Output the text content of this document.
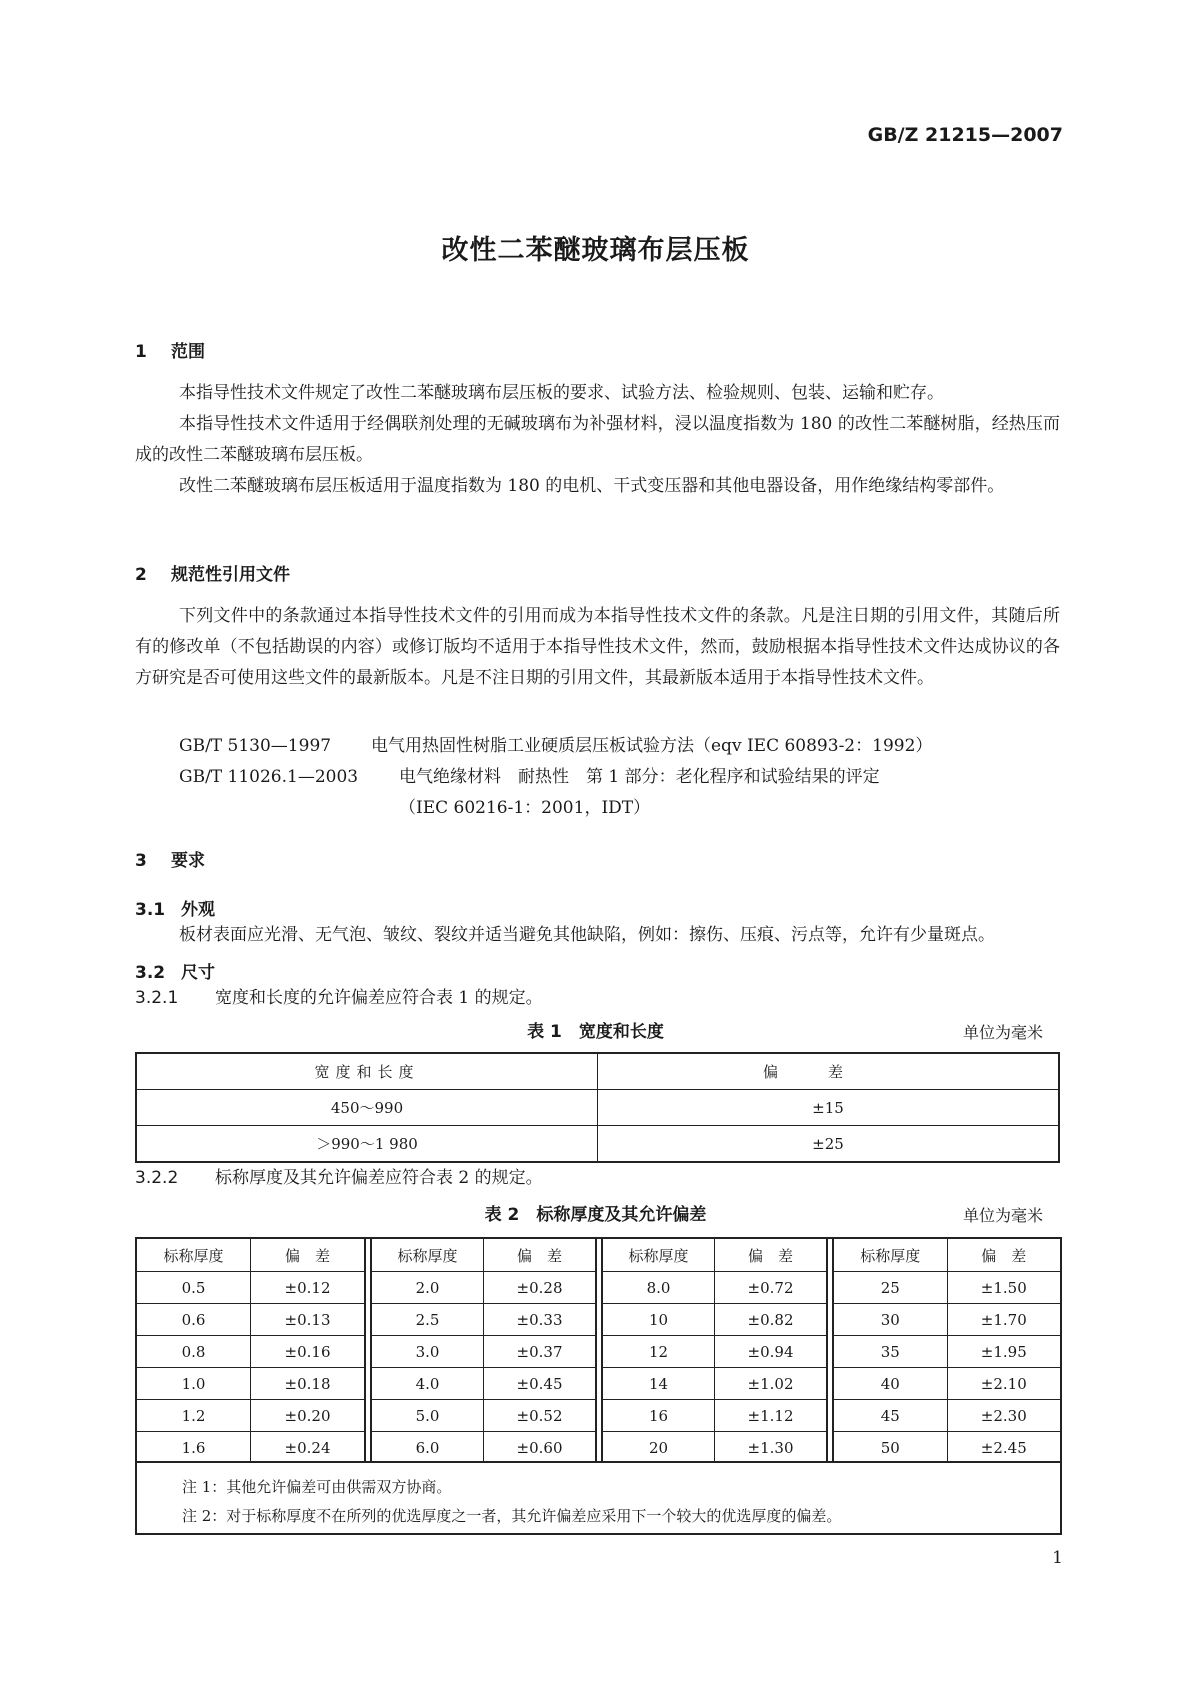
GB/Z 21215—2007
改性二苯醚玻璃布层压板
1 范围

本指导性技术文件规定了改性二苯醚玻璃布层压板的要求、试验方法、检验规则、包装、运输和贮存。

本指导性技术文件适用于经偶联剂处理的无碱玻璃布为补强材料，浸以温度指数为 180 的改性二苯醚树脂，经热压而成的改性二苯醚玻璃布层压板。

改性二苯醚玻璃布层压板适用于温度指数为 180 的电机、干式变压器和其他电器设备，用作绝缘结构零部件。

2 规范性引用文件

下列文件中的条款通过本指导性技术文件的引用而成为本指导性技术文件的条款。凡是注日期的引用文件，其随后所有的修改单（不包括勘误的内容）或修订版均不适用于本指导性技术文件，然而，鼓励根据本指导性技术文件达成协议的各方研究是否可使用这些文件的最新版本。凡是不注日期的引用文件，其最新版本适用于本指导性技术文件。

GB/T 5130—1997 电气用热固性树脂工业硬质层压板试验方法（eqv IEC 60893-2：1992）
GB/T 11026.1—2003 电气绝缘材料　耐热性　第 1 部分：老化程序和试验结果的评定
（IEC 60216-1：2001，IDT）
3 要求
3.1 外观

板材表面应光滑、无气泡、皱纹、裂纹并适当避免其他缺陷，例如：擦伤、压痕、污点等，允许有少量斑点。

3.2 尺寸
3.2.1 宽度和长度的允许偏差应符合表 1 的规定。
表 1　宽度和长度	单位为毫米
宽度和长度	偏差
450～990	±15
＞990～1 980	±25
3.2.2 标称厚度及其允许偏差应符合表 2 的规定。
表 2　标称厚度及其允许偏差	单位为毫米
标称厚度	偏　差
0.5	±0.12
0.6	±0.13
0.8	±0.16
1.0	±0.18
1.2	±0.20
1.6	±0.24
标称厚度	偏　差
2.0	±0.28
2.5	±0.33
3.0	±0.37
4.0	±0.45
5.0	±0.52
6.0	±0.60
标称厚度	偏　差
8.0	±0.72
10	±0.82
12	±0.94
14	±1.02
16	±1.12
20	±1.30
标称厚度	偏　差
25	±1.50
30	±1.70
35	±1.95
40	±2.10
45	±2.30
50	±2.45
注 1：其他允许偏差可由供需双方协商。
注 2：对于标称厚度不在所列的优选厚度之一者，其允许偏差应采用下一个较大的优选厚度的偏差。
1
